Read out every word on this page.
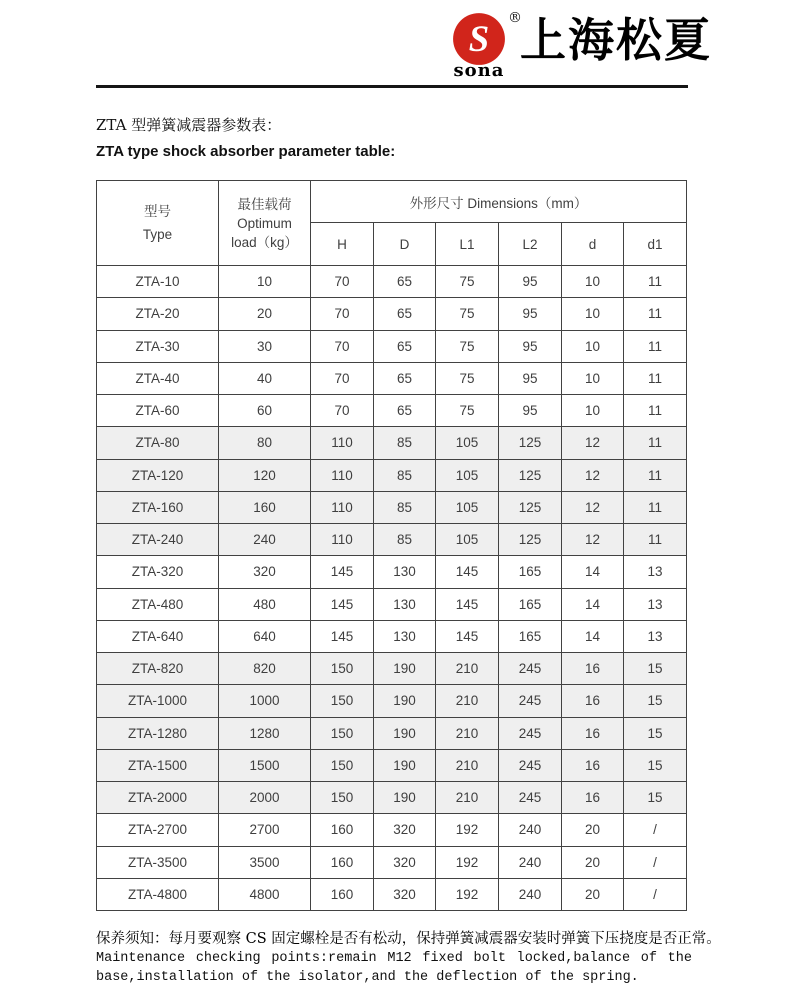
S ®
sona
上海松夏
ZTA 型弹簧减震器参数表：
ZTA type shock absorber parameter table:
型号
Type

最佳载荷
Optimum
load（kg）
	外形尺寸 Dimensions（mm）
		H	D	L1	L2	d	d1
ZTA-10	10	70	65	75	95	10	11
ZTA-20	20	70	65	75	95	10	11
ZTA-30	30	70	65	75	95	10	11
ZTA-40	40	70	65	75	95	10	11
ZTA-60	60	70	65	75	95	10	11
ZTA-80	80	110	85	105	125	12	11
ZTA-120	120	110	85	105	125	12	11
ZTA-160	160	110	85	105	125	12	11
ZTA-240	240	110	85	105	125	12	11
ZTA-320	320	145	130	145	165	14	13
ZTA-480	480	145	130	145	165	14	13
ZTA-640	640	145	130	145	165	14	13
ZTA-820	820	150	190	210	245	16	15
ZTA-1000	1000	150	190	210	245	16	15
ZTA-1280	1280	150	190	210	245	16	15
ZTA-1500	1500	150	190	210	245	16	15
ZTA-2000	2000	150	190	210	245	16	15
ZTA-2700	2700	160	320	192	240	20	/
ZTA-3500	3500	160	320	192	240	20	/
ZTA-4800	4800	160	320	192	240	20	/
保养须知：每月要观察 CS 固定螺栓是否有松动，保持弹簧减震器安装时弹簧下压挠度是否正常。
Maintenance checking points:remain M12 fixed bolt locked,balance of the
base,installation of the isolator,and the deflection of the spring.
